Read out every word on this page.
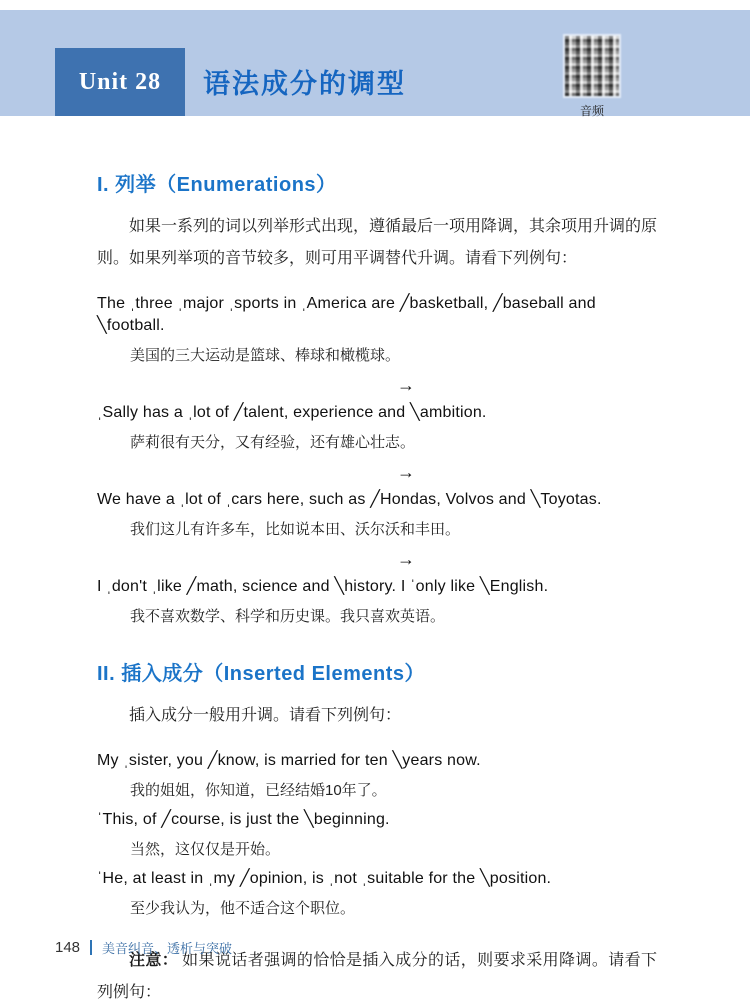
Unit 28 语法成分的调型
音频
I. 列举（Enumerations）

如果一系列的词以列举形式出现，遵循最后一项用降调，其余项用升调的原则。如果列举项的音节较多，则可用平调替代升调。请看下列例句：

The ˌthree ˌmajor ˌsports in ˌAmerica are ╱basketball, ╱baseball and ╲football.

美国的三大运动是篮球、棒球和橄榄球。

→

ˌSally has a ˌlot of ╱talent, experience and ╲ambition.

萨莉很有天分，又有经验，还有雄心壮志。

→

We have a ˌlot of ˌcars here, such as ╱Hondas, Volvos and ╲Toyotas.

我们这儿有许多车，比如说本田、沃尔沃和丰田。

→

I ˌdon't ˌlike ╱math, science and ╲history. I ˈonly like ╲English.

我不喜欢数学、科学和历史课。我只喜欢英语。

II. 插入成分（Inserted Elements）

插入成分一般用升调。请看下列例句：

My ˌsister, you ╱know, is married for ten ╲years now.

我的姐姐，你知道，已经结婚10年了。

ˈThis, of ╱course, is just the ╲beginning.

当然，这仅仅是开始。

ˈHe, at least in ˌmy ╱opinion, is ˌnot ˌsuitable for the ╲position.

至少我认为，他不适合这个职位。

注意： 如果说话者强调的恰恰是插入成分的话，则要求采用降调。请看下列例句：

148 美音纠音、透析与突破
